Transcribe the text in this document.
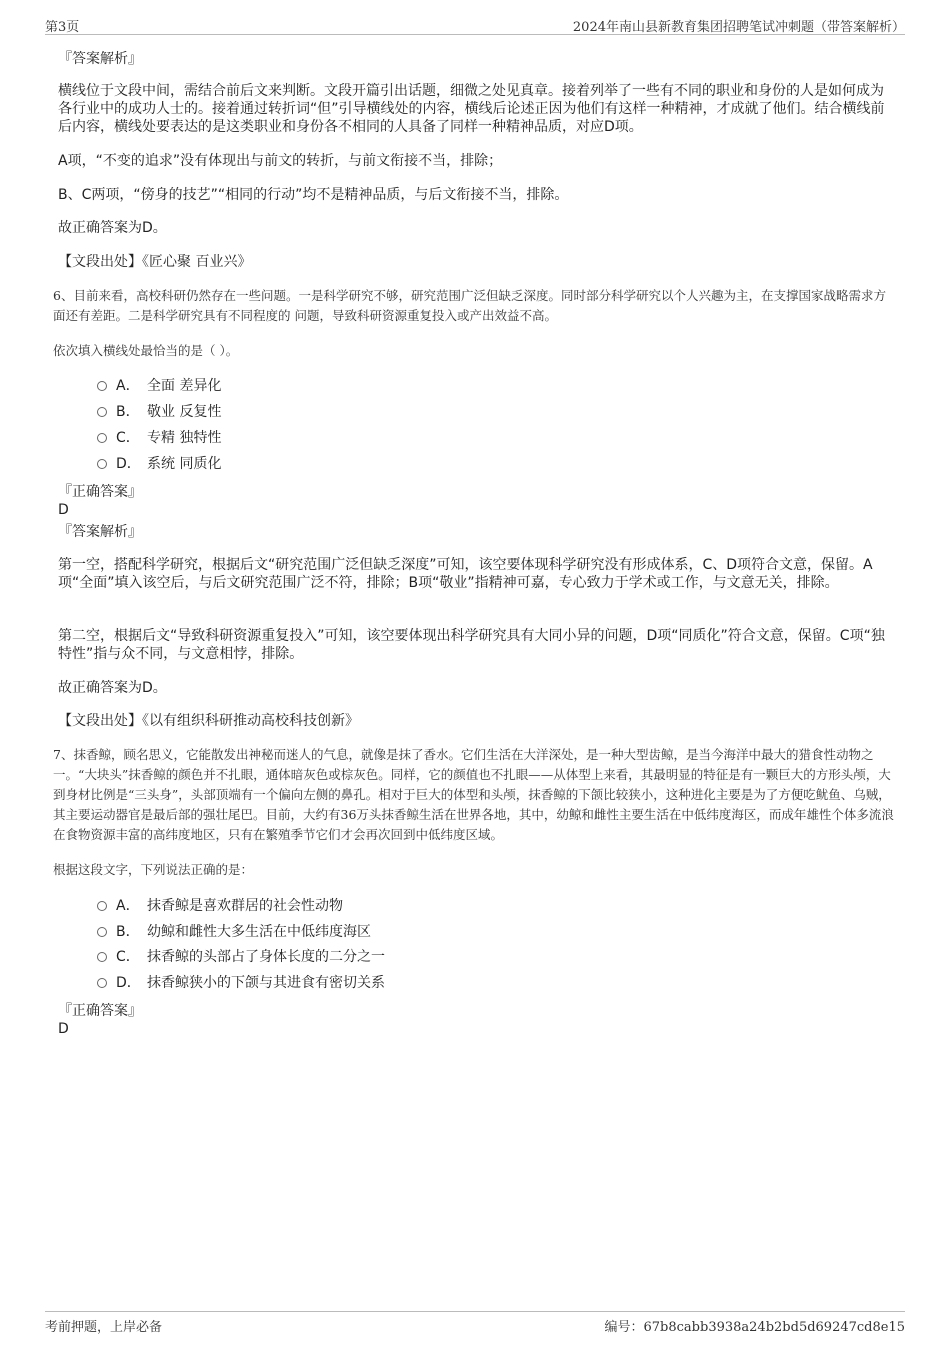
第3页	2024年南山县新教育集团招聘笔试冲刺题（带答案解析）
『答案解析』
横线位于文段中间，需结合前后文来判断。文段开篇引出话题，细微之处见真章。接着列举了一些有不同的职业和身份的人是如何成为各行业中的成功人士的。接着通过转折词“但”引导横线处的内容，横线后论述正因为他们有这样一种精神，才成就了他们。结合横线前后内容，横线处要表达的是这类职业和身份各不相同的人具备了同样一种精神品质，对应D项。
A项，“不变的追求”没有体现出与前文的转折，与前文衔接不当，排除；
B、C两项，“傍身的技艺”“相同的行动”均不是精神品质，与后文衔接不当，排除。
故正确答案为D。
【文段出处】《匠心聚 百业兴》
6、目前来看，高校科研仍然存在一些问题。一是科学研究不够，研究范围广泛但缺乏深度。同时部分科学研究以个人兴趣为主，在支撑国家战略需求方面还有差距。二是科学研究具有不同程度的 问题，导致科研资源重复投入或产出效益不高。
依次填入横线处最恰当的是（ ）。
A． 全面 差异化
B． 敬业 反复性
C． 专精 独特性
D． 系统 同质化
『正确答案』
D
『答案解析』
第一空，搭配科学研究，根据后文“研究范围广泛但缺乏深度”可知，该空要体现科学研究没有形成体系，C、D项符合文意，保留。A项“全面”填入该空后，与后文研究范围广泛不符，排除；B项“敬业”指精神可嘉，专心致力于学术或工作，与文意无关，排除。
第二空，根据后文“导致科研资源重复投入”可知，该空要体现出科学研究具有大同小异的问题，D项“同质化”符合文意，保留。C项“独特性”指与众不同，与文意相悖，排除。
故正确答案为D。
【文段出处】《以有组织科研推动高校科技创新》
7、抹香鲸，顾名思义，它能散发出神秘而迷人的气息，就像是抹了香水。它们生活在大洋深处，是一种大型齿鲸，是当今海洋中最大的猎食性动物之一。“大块头”抹香鲸的颜色并不扎眼，通体暗灰色或棕灰色。同样，它的颜值也不扎眼——从体型上来看，其最明显的特征是有一颗巨大的方形头颅，大到身材比例是“三头身”，头部顶端有一个偏向左侧的鼻孔。相对于巨大的体型和头颅，抹香鲸的下颌比较狭小，这种进化主要是为了方便吃鱿鱼、乌贼，其主要运动器官是最后部的强壮尾巴。目前，大约有36万头抹香鲸生活在世界各地，其中，幼鲸和雌性主要生活在中低纬度海区，而成年雄性个体多流浪在食物资源丰富的高纬度地区，只有在繁殖季节它们才会再次回到中低纬度区域。
根据这段文字，下列说法正确的是：
A． 抹香鲸是喜欢群居的社会性动物
B． 幼鲸和雌性大多生活在中低纬度海区
C． 抹香鲸的头部占了身体长度的二分之一
D． 抹香鲸狭小的下颌与其进食有密切关系
『正确答案』
D
考前押题，上岸必备	编号：67b8cabb3938a24b2bd5d69247cd8e15
